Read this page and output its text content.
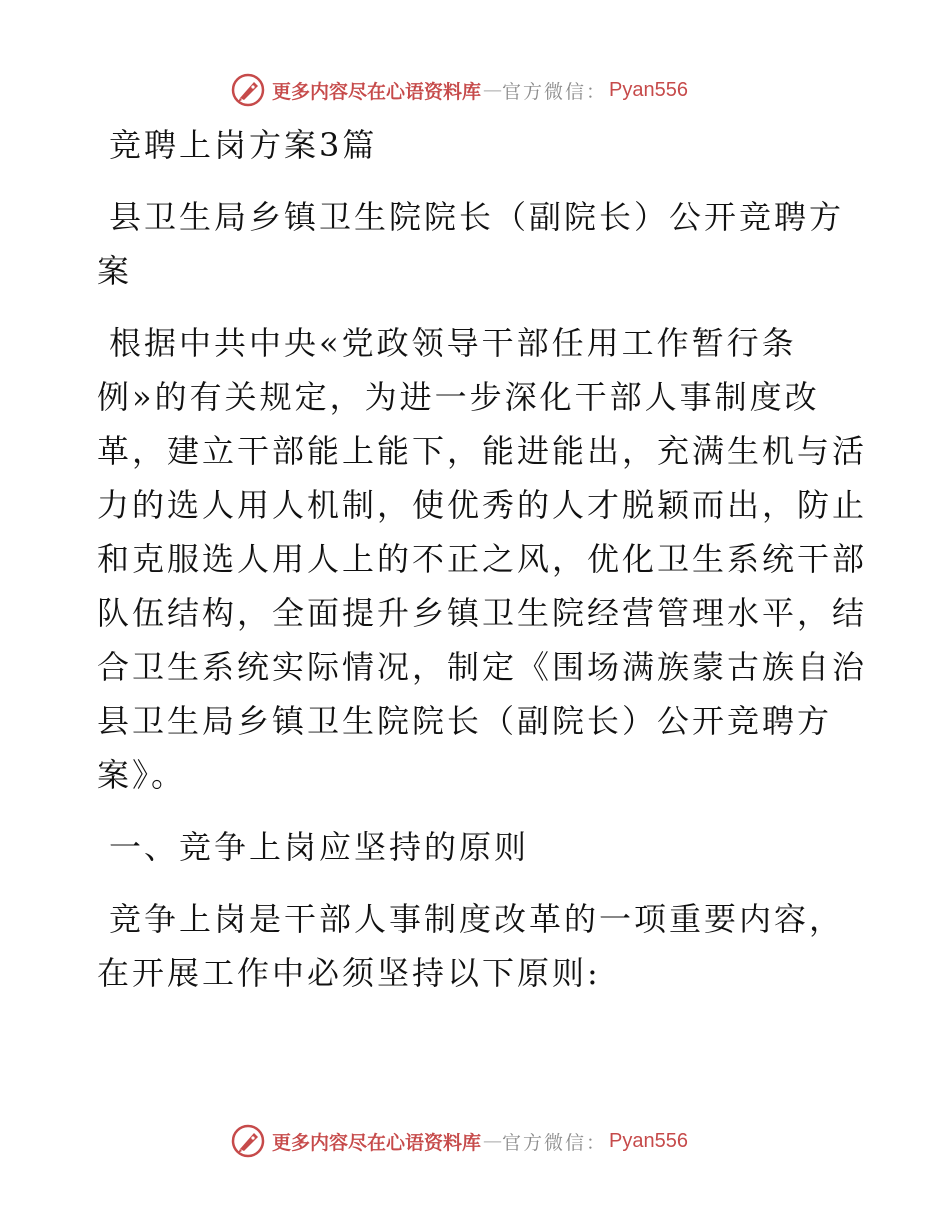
更多内容尽在心语资料库 — 官方微信： Pyan556

竞聘上岗方案3篇

县卫生局乡镇卫生院院长（副院长）公开竞聘方案

根据中共中央«党政领导干部任用工作暂行条例»的有关规定，为进一步深化干部人事制度改革，建立干部能上能下，能进能出，充满生机与活力的选人用人机制，使优秀的人才脱颖而出，防止和克服选人用人上的不正之风，优化卫生系统干部队伍结构，全面提升乡镇卫生院经营管理水平，结合卫生系统实际情况，制定《围场满族蒙古族自治县卫生局乡镇卫生院院长（副院长）公开竞聘方案》。

一、竞争上岗应坚持的原则

竞争上岗是干部人事制度改革的一项重要内容，在开展工作中必须坚持以下原则:

更多内容尽在心语资料库 — 官方微信： Pyan556
